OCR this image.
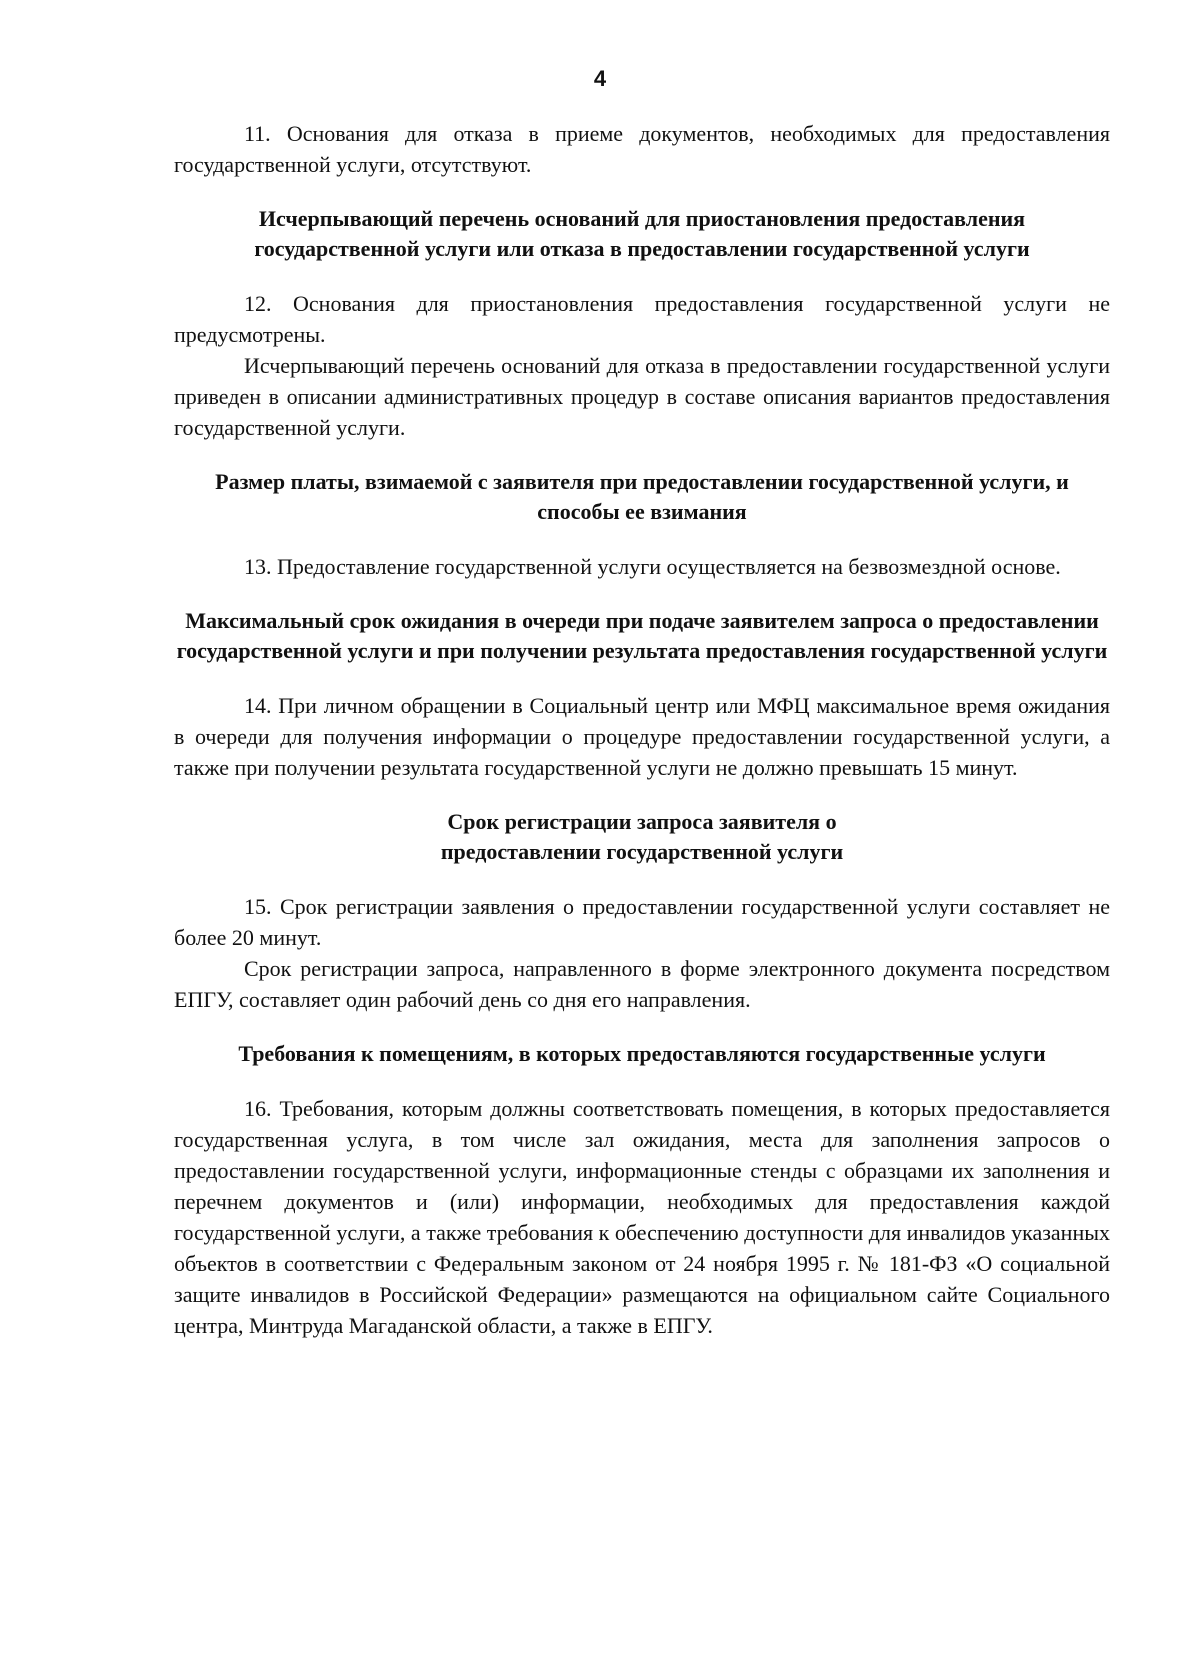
4

11. Основания для отказа в приеме документов, необходимых для предоставления государственной услуги, отсутствуют.

Исчерпывающий перечень оснований для приостановления предоставления государственной услуги или отказа в предоставлении государственной услуги

12. Основания для приостановления предоставления государственной услуги не предусмотрены.

Исчерпывающий перечень оснований для отказа в предоставлении государственной услуги приведен в описании административных процедур в составе описания вариантов предоставления государственной услуги.

Размер платы, взимаемой с заявителя при предоставлении государственной услуги, и способы ее взимания

13. Предоставление государственной услуги осуществляется на безвозмездной основе.

Максимальный срок ожидания в очереди при подаче заявителем запроса о предоставлении государственной услуги и при получении результата предоставления государственной услуги

14. При личном обращении в Социальный центр или МФЦ максимальное время ожидания в очереди для получения информации о процедуре предоставлении государственной услуги, а также при получении результата государственной услуги не должно превышать 15 минут.

Срок регистрации запроса заявителя о предоставлении государственной услуги

15. Срок регистрации заявления о предоставлении государственной услуги составляет не более 20 минут.

Срок регистрации запроса, направленного в форме электронного документа посредством ЕПГУ, составляет один рабочий день со дня его направления.

Требования к помещениям, в которых предоставляются государственные услуги

16. Требования, которым должны соответствовать помещения, в которых предоставляется государственная услуга, в том числе зал ожидания, места для заполнения запросов о предоставлении государственной услуги, информационные стенды с образцами их заполнения и перечнем документов и (или) информации, необходимых для предоставления каждой государственной услуги, а также требования к обеспечению доступности для инвалидов указанных объектов в соответствии с Федеральным законом от 24 ноября 1995 г. № 181-ФЗ «О социальной защите инвалидов в Российской Федерации» размещаются на официальном сайте Социального центра, Минтруда Магаданской области, а также в ЕПГУ.
